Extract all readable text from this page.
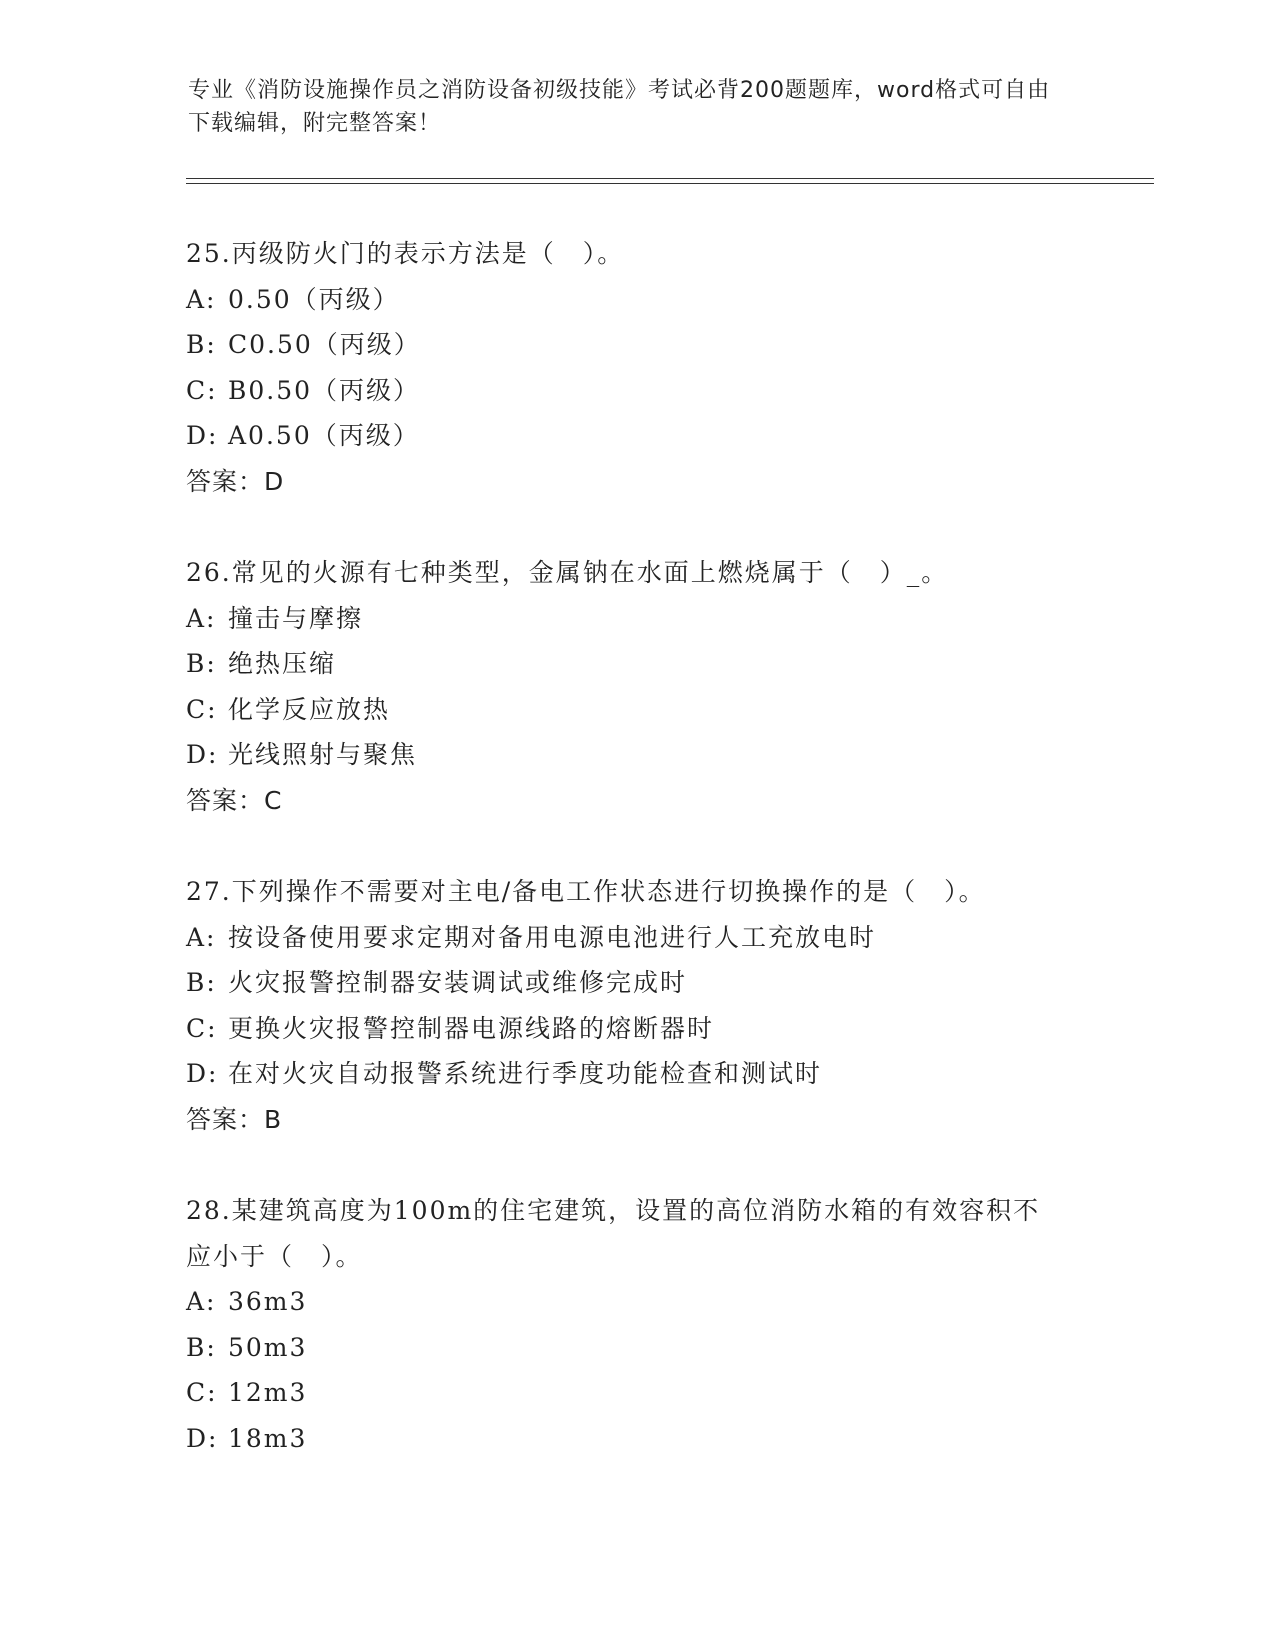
专业《消防设施操作员之消防设备初级技能》考试必背200题题库，word格式可自由下载编辑，附完整答案！
25.丙级防火门的表示方法是（　）。
A: 0.50（丙级）
B: C0.50（丙级）
C: B0.50（丙级）
D: A0.50（丙级）
答案：D
26.常见的火源有七种类型，金属钠在水面上燃烧属于（　）_。
A: 撞击与摩擦
B: 绝热压缩
C: 化学反应放热
D: 光线照射与聚焦
答案：C
27.下列操作不需要对主电/备电工作状态进行切换操作的是（　）。
A: 按设备使用要求定期对备用电源电池进行人工充放电时
B: 火灾报警控制器安装调试或维修完成时
C: 更换火灾报警控制器电源线路的熔断器时
D: 在对火灾自动报警系统进行季度功能检查和测试时
答案：B
28.某建筑高度为100m的住宅建筑，设置的高位消防水箱的有效容积不应小于（　）。
A: 36m3
B: 50m3
C: 12m3
D: 18m3
